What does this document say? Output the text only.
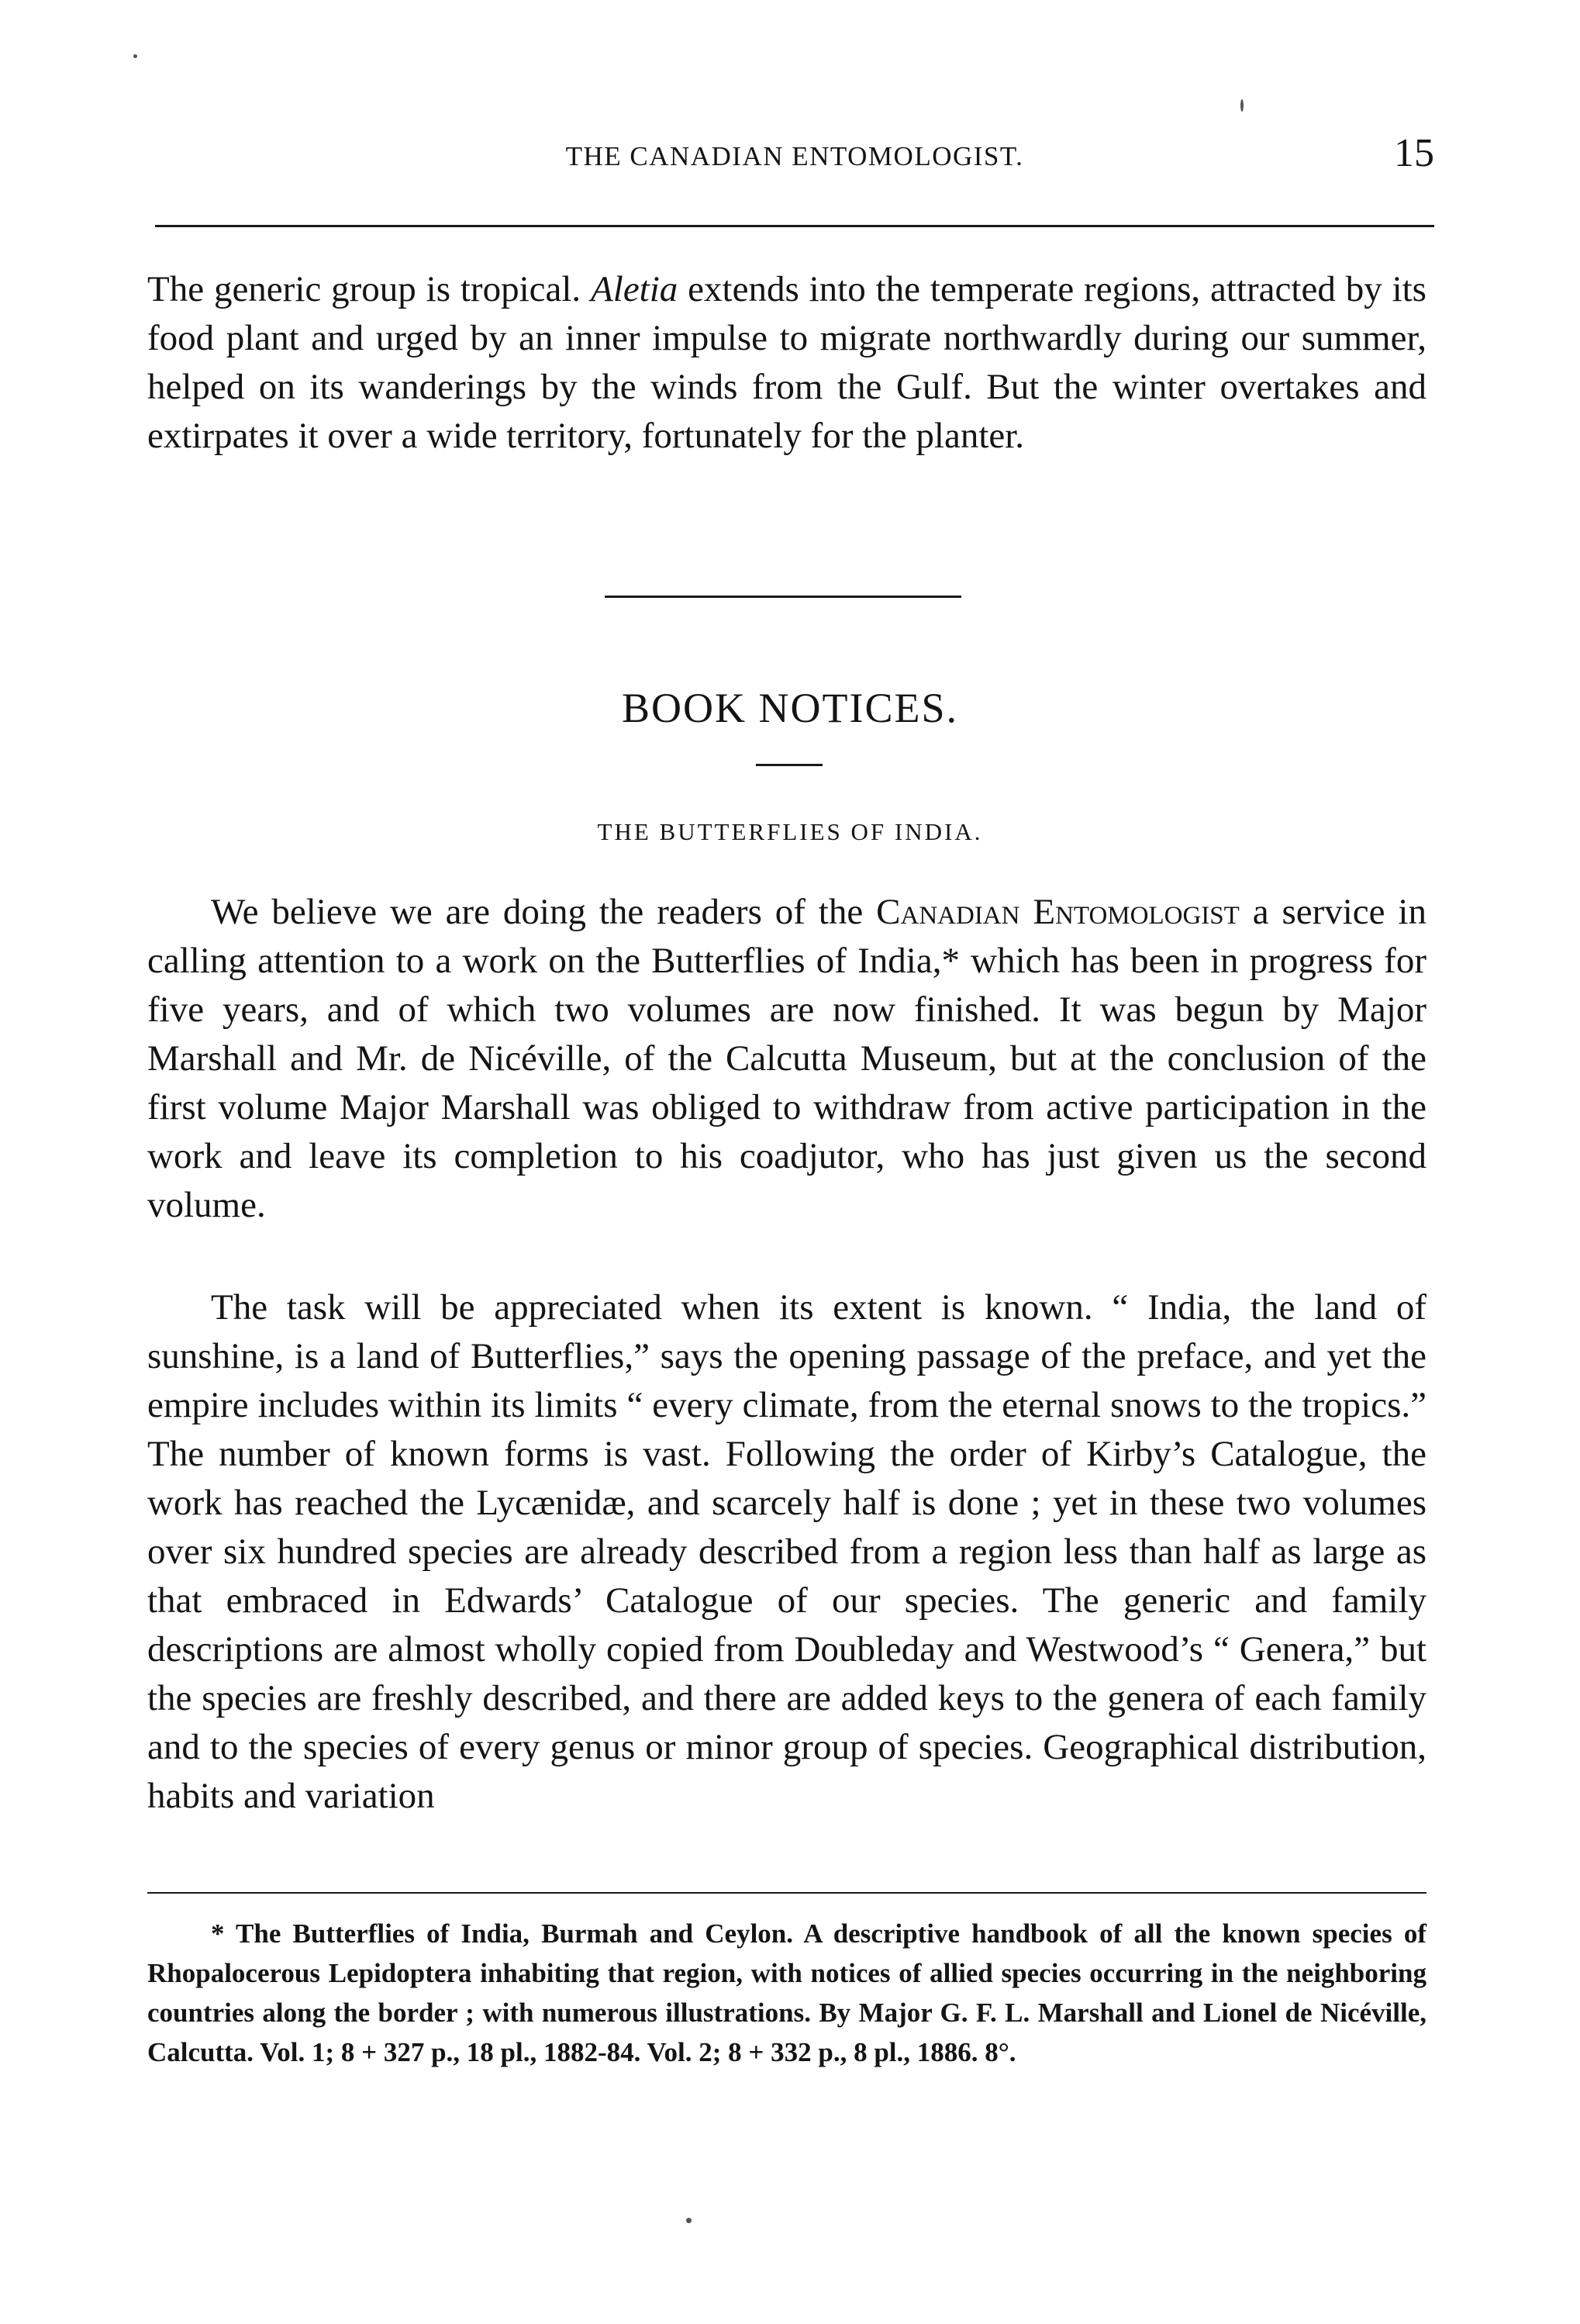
THE CANADIAN ENTOMOLOGIST.	15

The generic group is tropical. Aletia extends into the temperate regions, attracted by its food plant and urged by an inner impulse to migrate northwardly during our summer, helped on its wanderings by the winds from the Gulf. But the winter overtakes and extirpates it over a wide territory, fortunately for the planter.

BOOK NOTICES.
THE BUTTERFLIES OF INDIA.

We believe we are doing the readers of the Canadian Entomologist a service in calling attention to a work on the Butterflies of India,* which has been in progress for five years, and of which two volumes are now finished. It was begun by Major Marshall and Mr. de Nicéville, of the Calcutta Museum, but at the conclusion of the first volume Major Marshall was obliged to withdraw from active participation in the work and leave its completion to his coadjutor, who has just given us the second volume.

The task will be appreciated when its extent is known. “ India, the land of sunshine, is a land of Butterflies,” says the opening passage of the preface, and yet the empire includes within its limits “ every climate, from the eternal snows to the tropics.” The number of known forms is vast. Following the order of Kirby’s Catalogue, the work has reached the Lycænidæ, and scarcely half is done ; yet in these two volumes over six hundred species are already described from a region less than half as large as that embraced in Edwards’ Catalogue of our species. The generic and family descriptions are almost wholly copied from Doubleday and Westwood’s “ Genera,” but the species are freshly described, and there are added keys to the genera of each family and to the species of every genus or minor group of species. Geographical distribution, habits and variation

* The Butterflies of India, Burmah and Ceylon. A descriptive handbook of all the known species of Rhopalocerous Lepidoptera inhabiting that region, with notices of allied species occurring in the neighboring countries along the border ; with numerous illustrations. By Major G. F. L. Marshall and Lionel de Nicéville, Calcutta. Vol. 1; 8 + 327 p., 18 pl., 1882-84. Vol. 2; 8 + 332 p., 8 pl., 1886. 8°.
